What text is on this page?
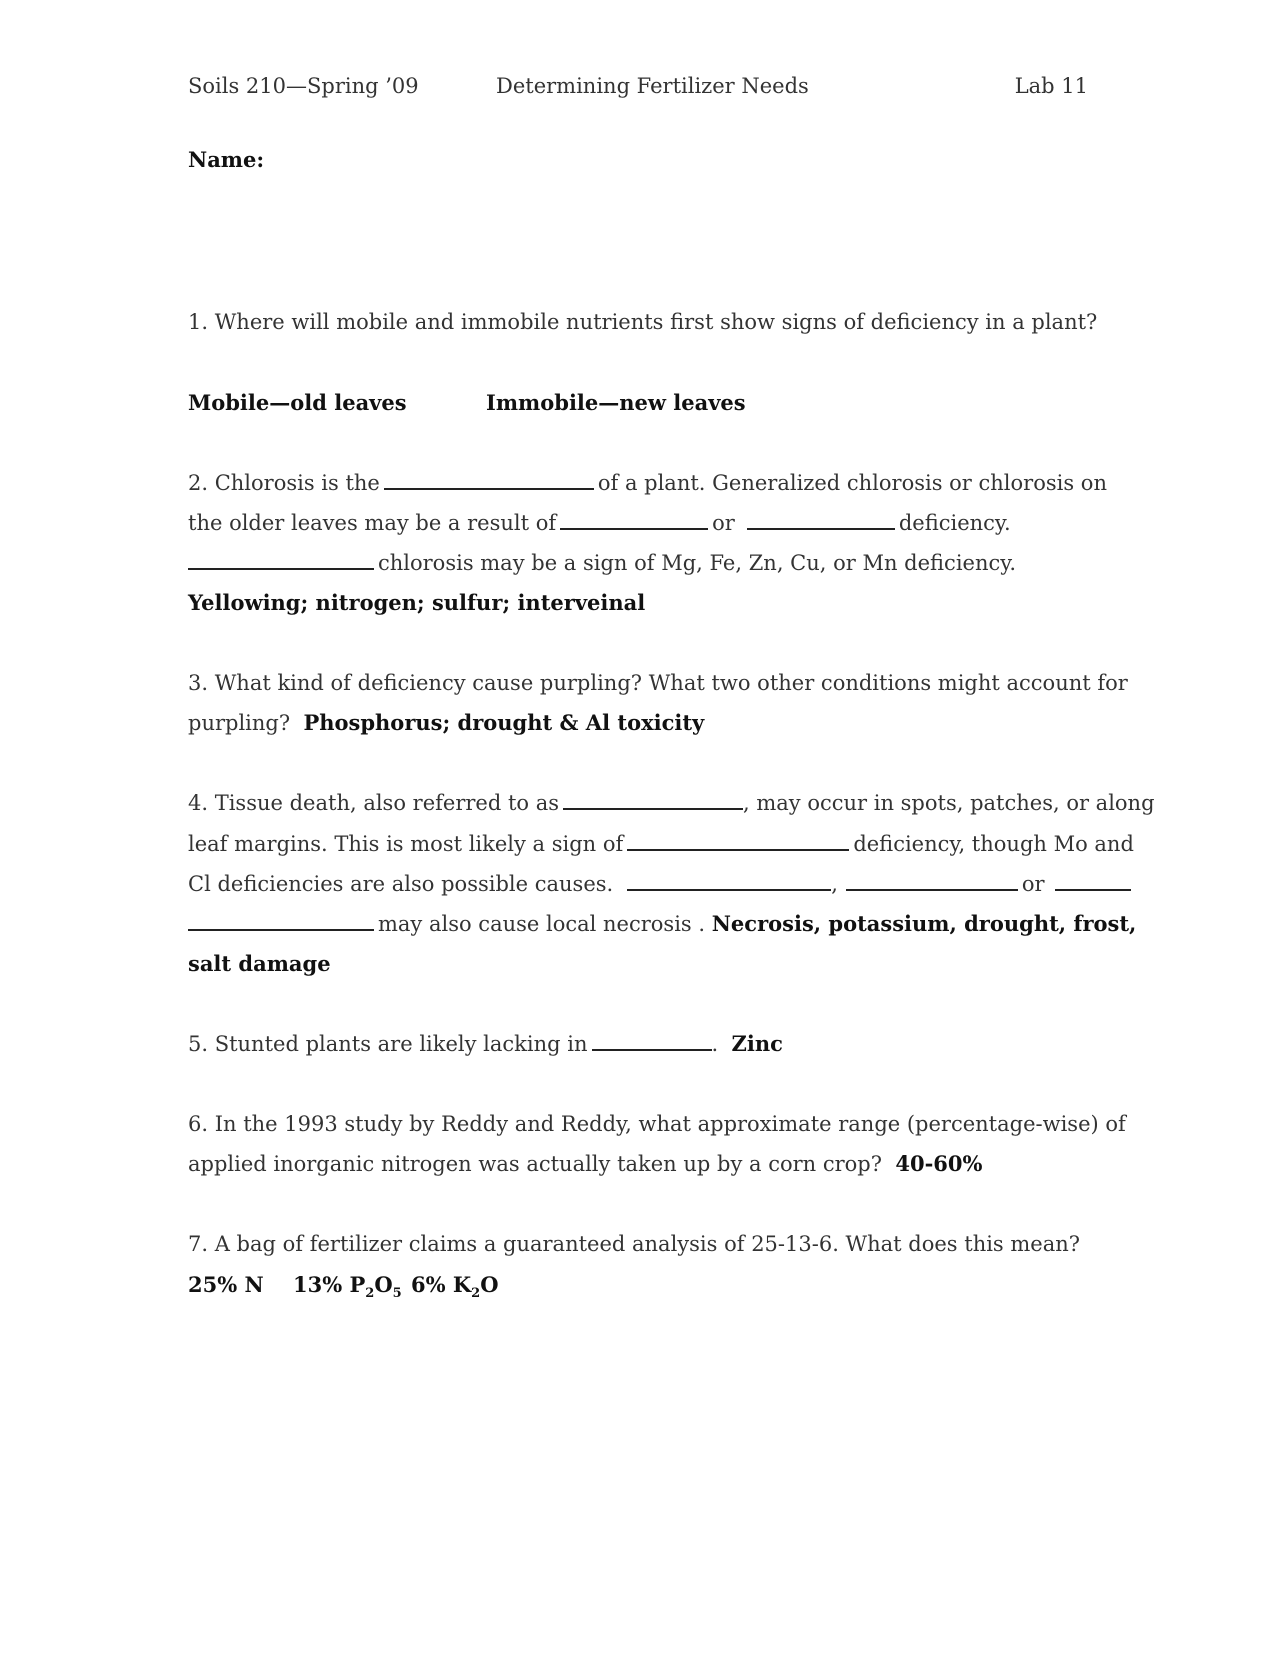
Soils 210—Spring ’09	Determining Fertilizer Needs	Lab 11
Name:
1. Where will mobile and immobile nutrients first show signs of deficiency in a plant?
Mobile—old leaves	Immobile—new leaves
2. Chlorosis is the	of a plant. Generalized chlorosis or chlorosis on
the older leaves may be a result of	or	deficiency.
chlorosis may be a sign of Mg, Fe, Zn, Cu, or Mn deficiency.
Yellowing; nitrogen; sulfur; interveinal
3. What kind of deficiency cause purpling? What two other conditions might account for
purpling? Phosphorus; drought & Al toxicity
4. Tissue death, also referred to as	, may occur in spots, patches, or along
leaf margins. This is most likely a sign of	deficiency, though Mo and
Cl deficiencies are also possible causes.	,	or
may also cause local necrosis . Necrosis, potassium, drought, frost,
salt damage
5. Stunted plants are likely lacking in	. Zinc
6. In the 1993 study by Reddy and Reddy, what approximate range (percentage-wise) of
applied inorganic nitrogen was actually taken up by a corn crop? 40-60%
7. A bag of fertilizer claims a guaranteed analysis of 25-13-6. What does this mean?
25% N 13% $P_2O_5$ 6% $K_2O$
